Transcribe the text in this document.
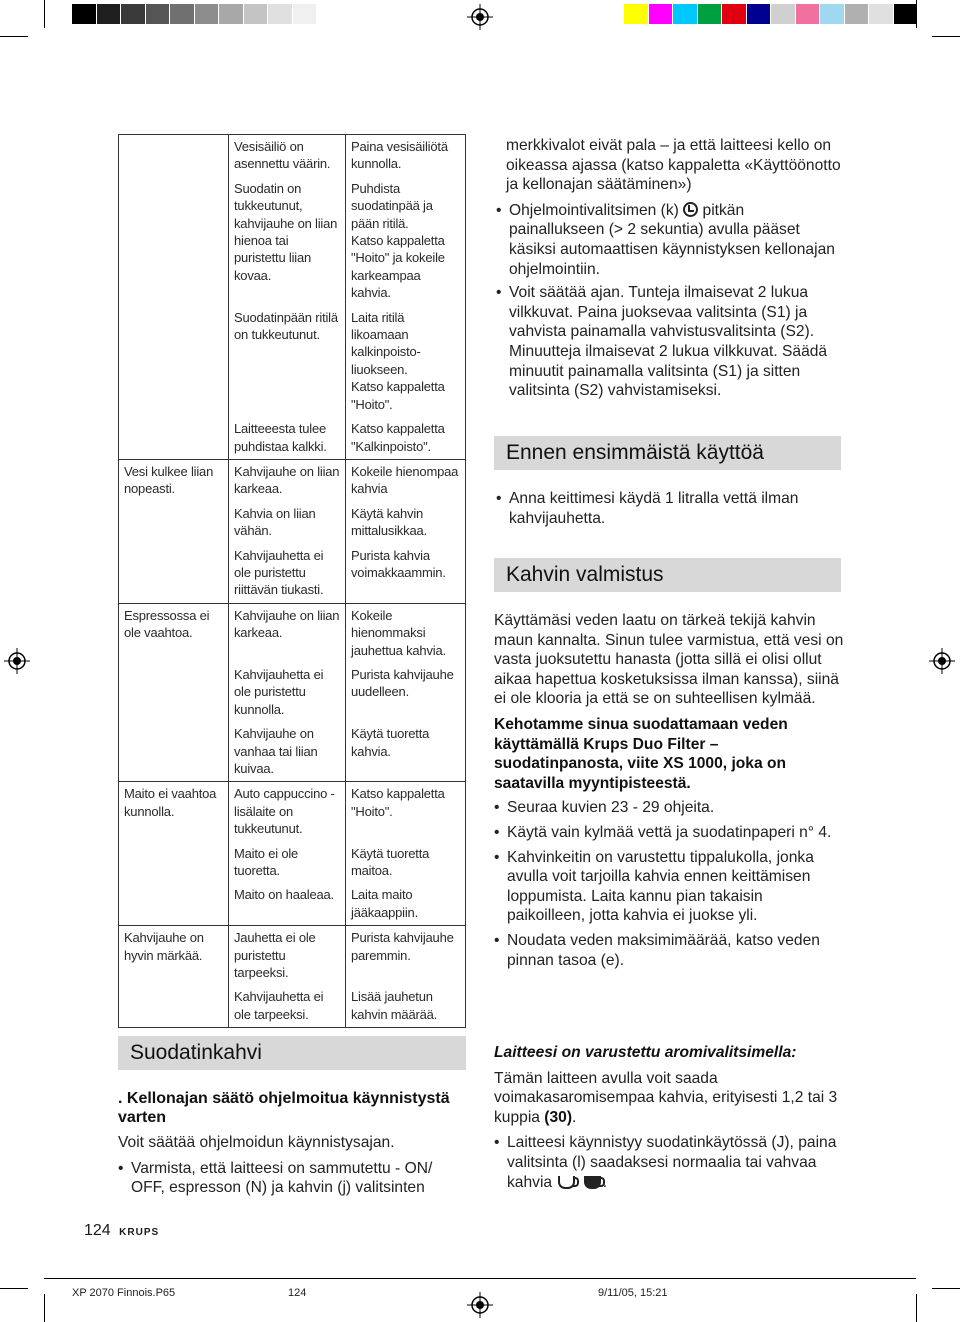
	Vesisäiliö on asennettu väärin.	Paina vesisäiliötä kunnolla.

	Suodatin on tukkeutunut, kahvijauhe on liian hienoa tai puristettu liian kovaa.	Puhdista suodatinpää ja pään ritilä.
Katso kappaletta
"Hoito" ja kokeile karkeampaa kahvia.

	Suodatinpään ritilä on tukkeutunut.	Laita ritilä likoamaan kalkinpoisto-liuokseen.
Katso kappaletta "Hoito".

	Laitteeesta tulee puhdistaa kalkki.	Katso kappaletta "Kalkinpoisto".

Vesi kulkee liian nopeasti.	Kahvijauhe on liian karkeaa.	Kokeile hienompaa kahvia

	Kahvia on liian vähän.	Käytä kahvin mittalusikkaa.

	Kahvijauhetta ei ole puristettu riittävän tiukasti.	Purista kahvia voimakkaammin.

Espressossa ei ole vaahtoa.	Kahvijauhe on liian karkeaa.	Kokeile hienommaksi jauhettua kahvia.

	Kahvijauhetta ei ole puristettu kunnolla.	Purista kahvijauhe uudelleen.

	Kahvijauhe on vanhaa tai liian kuivaa.	Käytä tuoretta kahvia.

Maito ei vaahtoa kunnolla.	Auto cappuccino -lisälaite on tukkeutunut.	Katso kappaletta "Hoito".

	Maito ei ole tuoretta.	Käytä tuoretta maitoa.

	Maito on haaleaa.	Laita maito jääkaappiin.

Kahvijauhe on hyvin märkää.	Jauhetta ei ole puristettu tarpeeksi.	Purista kahvijauhe paremmin.

	Kahvijauhetta ei ole tarpeeksi.	Lisää jauhetun kahvin määrää.
Suodatinkahvi

. Kellonajan säätö ohjelmoitua käynnistystä varten

Voit säätää ohjelmoidun käynnistysajan.

• Varmista, että laitteesi on sammutettu - ON/ OFF, espresson (N) ja kahvin (j) valitsinten

merkkivalot eivät pala – ja että laitteesi kello on oikeassa ajassa (katso kappaletta «Käyttöönotto ja kellonajan säätäminen»)

• Ohjelmointivalitsimen (k) pitkän painallukseen (> 2 sekuntia) avulla pääset käsiksi automaattisen käynnistyksen kellonajan ohjelmointiin.

• Voit säätää ajan. Tunteja ilmaisevat 2 lukua vilkkuvat. Paina juoksevaa valitsinta (S1) ja vahvista painamalla vahvistusvalitsinta (S2). Minuutteja ilmaisevat 2 lukua vilkkuvat. Säädä minuutit painamalla valitsinta (S1) ja sitten valitsinta (S2) vahvistamiseksi.

Ennen ensimmäistä käyttöä

• Anna keittimesi käydä 1 litralla vettä ilman kahvijauhetta.

Kahvin valmistus

Käyttämäsi veden laatu on tärkeä tekijä kahvin maun kannalta. Sinun tulee varmistua, että vesi on vasta juoksutettu hanasta (jotta sillä ei olisi ollut aikaa hapettua kosketuksissa ilman kanssa), siinä ei ole klooria ja että se on suhteellisen kylmää.

Kehotamme sinua suodattamaan veden käyttämällä Krups Duo Filter –suodatinpanosta, viite XS 1000, joka on saatavilla myyntipisteestä.

• Seuraa kuvien 23 - 29 ohjeita.

• Käytä vain kylmää vettä ja suodatinpaperi n° 4.

• Kahvinkeitin on varustettu tippalukolla, jonka avulla voit tarjoilla kahvia ennen keittämisen loppumista. Laita kannu pian takaisin paikoilleen, jotta kahvia ei juokse yli.

• Noudata veden maksimimäärää, katso veden pinnan tasoa (e).

Laitteesi on varustettu aromivalitsimella:

Tämän laitteen avulla voit saada voimakasaromisempaa kahvia, erityisesti 1,2 tai 3 kuppia (30).

• Laitteesi käynnistyy suodatinkäytössä (J), paina valitsinta (l) saadaksesi normaalia tai vahvaa kahvia	.

124 KRUPS
XP 2070 Finnois.P65	124	9/11/05, 15:21
